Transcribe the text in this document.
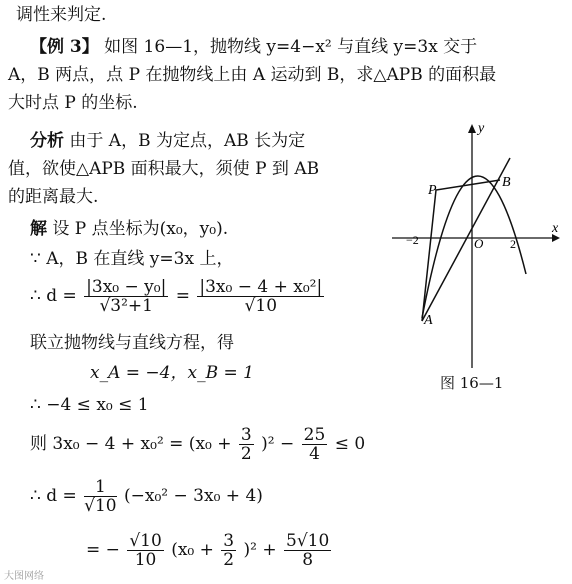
调性来判定.
【例 3】 如图 16—1，抛物线 y=4−x² 与直线 y=3x 交于
A，B 两点，点 P 在抛物线上由 A 运动到 B，求△APB 的面积最
大时点 P 的坐标.
分析 由于 A，B 为定点，AB 长为定
值，欲使△APB 面积最大，须使 P 到 AB
的距离最大.
解 设 P 点坐标为(x₀，y₀).
∵ A，B 在直线 y=3x 上，
∴ $d = \frac{\text{|3x₀ − y₀|}}{\text{√3²+1}} = \frac{\text{|3x₀ − 4 + x₀²|}}{√10}$
联立抛物线与直线方程，得
x_A = −4，x_B = 1
∴ −4 ≤ x₀ ≤ 1
则 $3x_0 - 4 + x_0^2 = (x_0 + \frac{3}{2} )^2 - \frac{25}{4} \le 0$
∴ $d = \frac{1}{√10} (-x_0^2 - 3x_0 + 4)$
= − $\frac{√10}{10} (x_0 + \frac{3}{2} )^2 + \frac{5√10}{8}$
x
y
O
−2	2
A
B
P
图 16—1
大图网络
